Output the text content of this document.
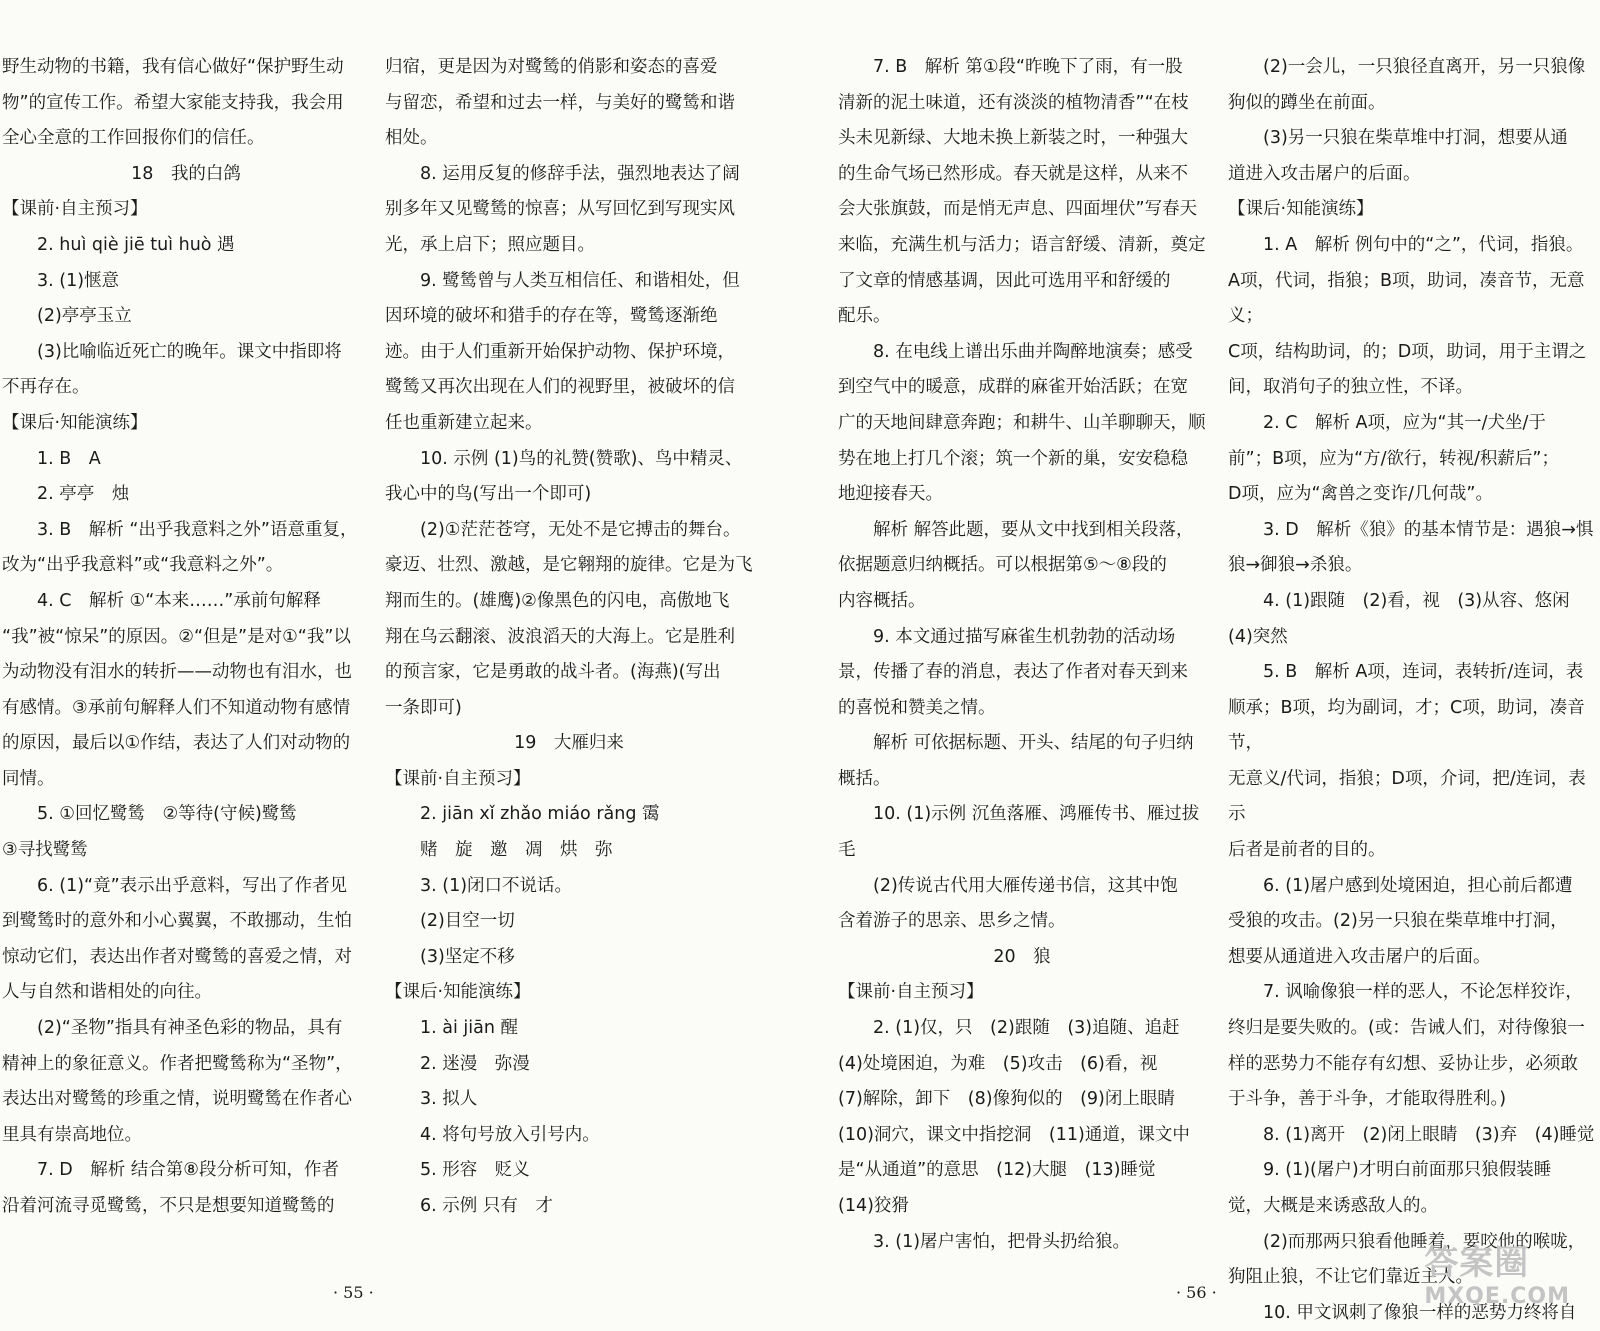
野生动物的书籍，我有信心做好“保护野生动

物”的宣传工作。希望大家能支持我，我会用

全心全意的工作回报你们的信任。

18　我的白鸽

【课前·自主预习】

2. huì qiè jiē tuì huò 遇

3. (1)惬意

(2)亭亭玉立

(3)比喻临近死亡的晚年。课文中指即将

不再存在。

【课后·知能演练】

1. B　A

2. 亭亭　烛

3. B　解析 “出乎我意料之外”语意重复，

改为“出乎我意料”或“我意料之外”。

4. C　解析 ①“本来……”承前句解释

“我”被“惊呆”的原因。②“但是”是对①“我”以

为动物没有泪水的转折——动物也有泪水，也

有感情。③承前句解释人们不知道动物有感情

的原因，最后以①作结，表达了人们对动物的

同情。

5. ①回忆鹭鸶　②等待(守候)鹭鸶

③寻找鹭鸶

6. (1)“竟”表示出乎意料，写出了作者见

到鹭鸶时的意外和小心翼翼，不敢挪动，生怕

惊动它们，表达出作者对鹭鸶的喜爱之情，对

人与自然和谐相处的向往。

(2)“圣物”指具有神圣色彩的物品，具有

精神上的象征意义。作者把鹭鸶称为“圣物”，

表达出对鹭鸶的珍重之情，说明鹭鸶在作者心

里具有崇高地位。

7. D　解析 结合第⑧段分析可知，作者

沿着河流寻觅鹭鸶，不只是想要知道鹭鸶的

归宿，更是因为对鹭鸶的俏影和姿态的喜爱

与留恋，希望和过去一样，与美好的鹭鸶和谐

相处。

8. 运用反复的修辞手法，强烈地表达了阔

别多年又见鹭鸶的惊喜；从写回忆到写现实风

光，承上启下；照应题目。

9. 鹭鸶曾与人类互相信任、和谐相处，但

因环境的破坏和猎手的存在等，鹭鸶逐渐绝

迹。由于人们重新开始保护动物、保护环境，

鹭鸶又再次出现在人们的视野里，被破坏的信

任也重新建立起来。

10. 示例 (1)鸟的礼赞(赞歌)、鸟中精灵、

我心中的鸟(写出一个即可)

(2)①茫茫苍穹，无处不是它搏击的舞台。

豪迈、壮烈、激越，是它翱翔的旋律。它是为飞

翔而生的。(雄鹰)②像黑色的闪电，高傲地飞

翔在乌云翻滚、波浪滔天的大海上。它是胜利

的预言家，它是勇敢的战斗者。(海燕)(写出

一条即可)

19　大雁归来

【课前·自主预习】

2. jiān xǐ zhǎo miáo rǎng 霭

赌　旋　邀　凋　烘　弥

3. (1)闭口不说话。

(2)目空一切

(3)坚定不移

【课后·知能演练】

1. ài jiān 醒

2. 迷漫　弥漫

3. 拟人

4. 将句号放入引号内。

5. 形容　贬义

6. 示例 只有　才

7. B　解析 第①段“昨晚下了雨，有一股

清新的泥土味道，还有淡淡的植物清香”“在枝

头未见新绿、大地未换上新装之时，一种强大

的生命气场已然形成。春天就是这样，从来不

会大张旗鼓，而是悄无声息、四面埋伏”写春天

来临，充满生机与活力；语言舒缓、清新，奠定

了文章的情感基调，因此可选用平和舒缓的

配乐。

8. 在电线上谱出乐曲并陶醉地演奏；感受

到空气中的暖意，成群的麻雀开始活跃；在宽

广的天地间肆意奔跑；和耕牛、山羊聊聊天，顺

势在地上打几个滚；筑一个新的巢，安安稳稳

地迎接春天。

解析 解答此题，要从文中找到相关段落，

依据题意归纳概括。可以根据第⑤～⑧段的

内容概括。

9. 本文通过描写麻雀生机勃勃的活动场

景，传播了春的消息，表达了作者对春天到来

的喜悦和赞美之情。

解析 可依据标题、开头、结尾的句子归纳

概括。

10. (1)示例 沉鱼落雁、鸿雁传书、雁过拔毛

(2)传说古代用大雁传递书信，这其中饱

含着游子的思亲、思乡之情。

20　狼

【课前·自主预习】

2. (1)仅，只　(2)跟随　(3)追随、追赶

(4)处境困迫，为难　(5)攻击　(6)看，视

(7)解除，卸下　(8)像狗似的　(9)闭上眼睛

(10)洞穴，课文中指挖洞　(11)通道，课文中

是“从通道”的意思　(12)大腿　(13)睡觉

(14)狡猾

3. (1)屠户害怕，把骨头扔给狼。

(2)一会儿，一只狼径直离开，另一只狼像

狗似的蹲坐在前面。

(3)另一只狼在柴草堆中打洞，想要从通

道进入攻击屠户的后面。

【课后·知能演练】

1. A　解析 例句中的“之”，代词，指狼。

A项，代词，指狼；B项，助词，凑音节，无意义；

C项，结构助词，的；D项，助词，用于主谓之

间，取消句子的独立性，不译。

2. C　解析 A项，应为“其一/犬坐/于

前”；B项，应为“方/欲行，转视/积薪后”；

D项，应为“禽兽之变诈/几何哉”。

3. D　解析《狼》的基本情节是：遇狼→惧

狼→御狼→杀狼。

4. (1)跟随　(2)看，视　(3)从容、悠闲

(4)突然

5. B　解析 A项，连词，表转折/连词，表

顺承；B项，均为副词，才；C项，助词，凑音节，

无意义/代词，指狼；D项，介词，把/连词，表示

后者是前者的目的。

6. (1)屠户感到处境困迫，担心前后都遭

受狼的攻击。(2)另一只狼在柴草堆中打洞，

想要从通道进入攻击屠户的后面。

7. 讽喻像狼一样的恶人，不论怎样狡诈，

终归是要失败的。(或：告诫人们，对待像狼一

样的恶势力不能存有幻想、妥协让步，必须敢

于斗争，善于斗争，才能取得胜利。)

8. (1)离开　(2)闭上眼睛　(3)弃　(4)睡觉

9. (1)(屠户)才明白前面那只狼假装睡

觉，大概是来诱惑敌人的。

(2)而那两只狼看他睡着，要咬他的喉咙，

狗阻止狼，不让它们靠近主人。

10. 甲文讽刺了像狼一样的恶势力终将自

· 55 ·	· 56 ·
答案圈
MXQE.COM
